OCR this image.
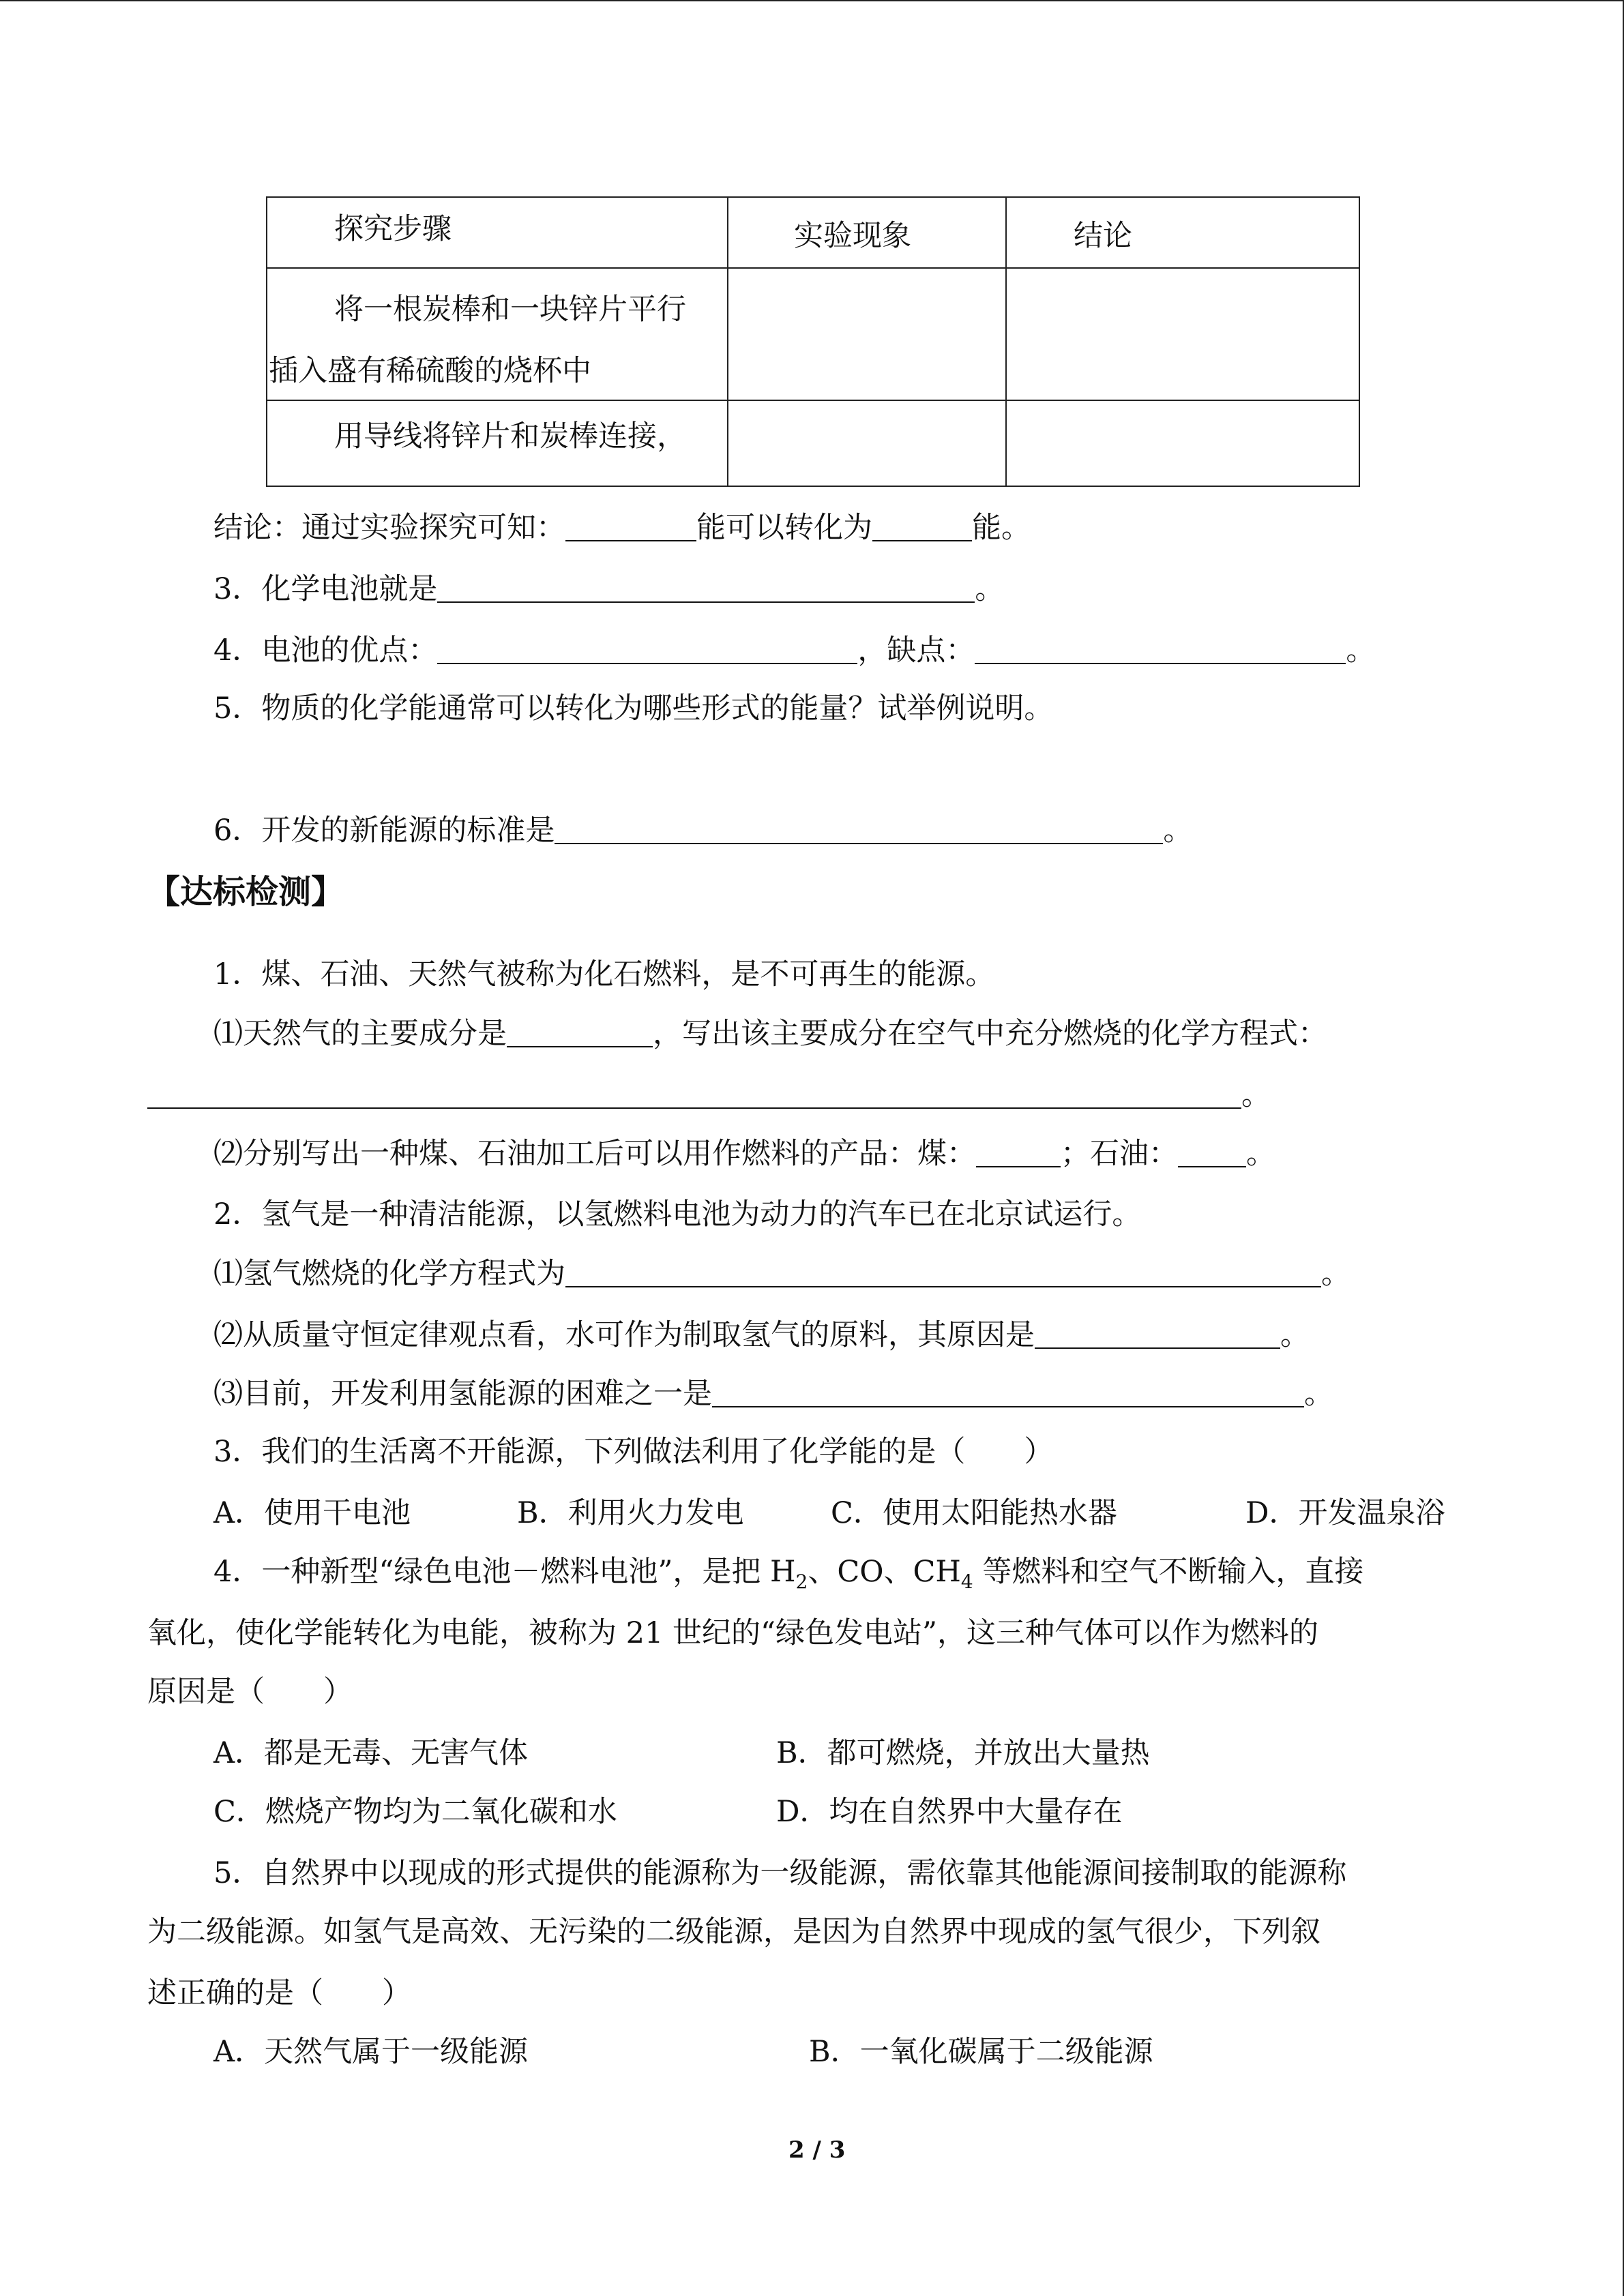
探究步骤	实验现象	结论

将一根炭棒和一块锌片平行
插入盛有稀硫酸的烧杯中		

用导线将锌片和炭棒连接，		

结论：通过实验探究可知：	能可以转化为	能。
3．化学电池就是	。
4．电池的优点：	，缺点：	。
5．物质的化学能通常可以转化为哪些形式的能量？试举例说明。
6．开发的新能源的标准是	。
【达标检测】
1．煤、石油、天然气被称为化石燃料，是不可再生的能源。
⑴天然气的主要成分是	，写出该主要成分在空气中充分燃烧的化学方程式：
。
⑵分别写出一种煤、石油加工后可以用作燃料的产品：煤：	；石油： 。
2．氢气是一种清洁能源，以氢燃料电池为动力的汽车已在北京试运行。
⑴氢气燃烧的化学方程式为	。
⑵从质量守恒定律观点看，水可作为制取氢气的原料，其原因是	。
⑶目前，开发利用氢能源的困难之一是	。
3．我们的生活离不开能源，下列做法利用了化学能的是（　　）
A．使用干电池	B．利用火力发电	C．使用太阳能热水器	D．开发温泉浴
4．一种新型“绿色电池－燃料电池”，是把 $H_2$、CO、$CH_4$ 等燃料和空气不断输入，直接
氧化，使化学能转化为电能，被称为 21 世纪的“绿色发电站”，这三种气体可以作为燃料的
原因是（　　）
A．都是无毒、无害气体	B．都可燃烧，并放出大量热
C．燃烧产物均为二氧化碳和水	D．均在自然界中大量存在
5．自然界中以现成的形式提供的能源称为一级能源，需依靠其他能源间接制取的能源称
为二级能源。如氢气是高效、无污染的二级能源，是因为自然界中现成的氢气很少，下列叙
述正确的是（　　）
A．天然气属于一级能源	B．一氧化碳属于二级能源
2 / 3
